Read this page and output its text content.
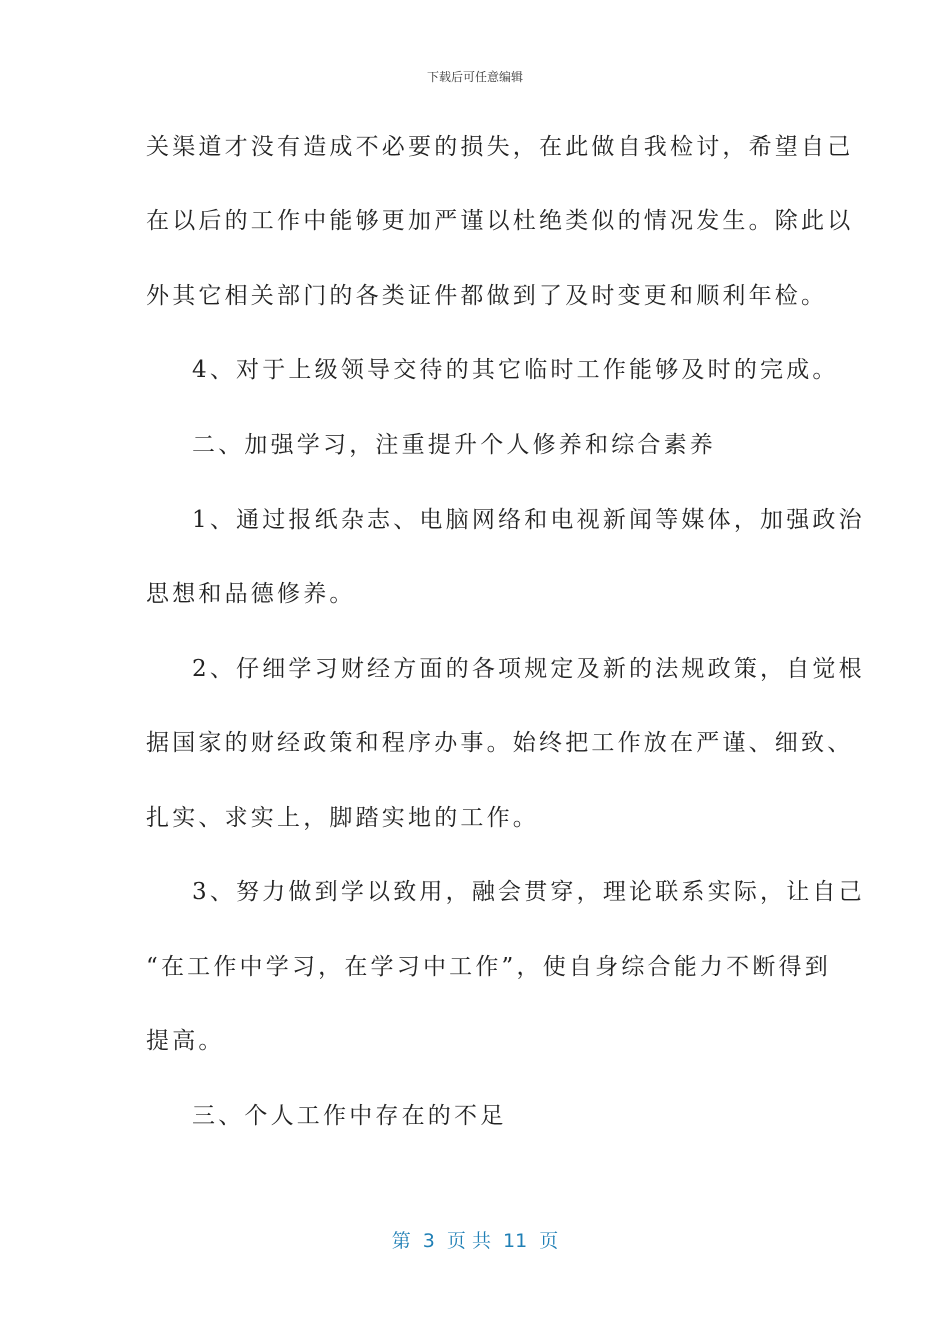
下载后可任意编辑
关渠道才没有造成不必要的损失，在此做自我检讨，希望自己
在以后的工作中能够更加严谨以杜绝类似的情况发生。除此以
外其它相关部门的各类证件都做到了及时变更和顺利年检。
4、对于上级领导交待的其它临时工作能够及时的完成。
二、加强学习，注重提升个人修养和综合素养
1、通过报纸杂志、电脑网络和电视新闻等媒体，加强政治
思想和品德修养。
2、仔细学习财经方面的各项规定及新的法规政策，自觉根
据国家的财经政策和程序办事。始终把工作放在严谨、细致、
扎实、求实上，脚踏实地的工作。
3、努力做到学以致用，融会贯穿，理论联系实际，让自己
“在工作中学习，在学习中工作”，使自身综合能力不断得到
提高。
三、个人工作中存在的不足
第  3  页 共  11  页
